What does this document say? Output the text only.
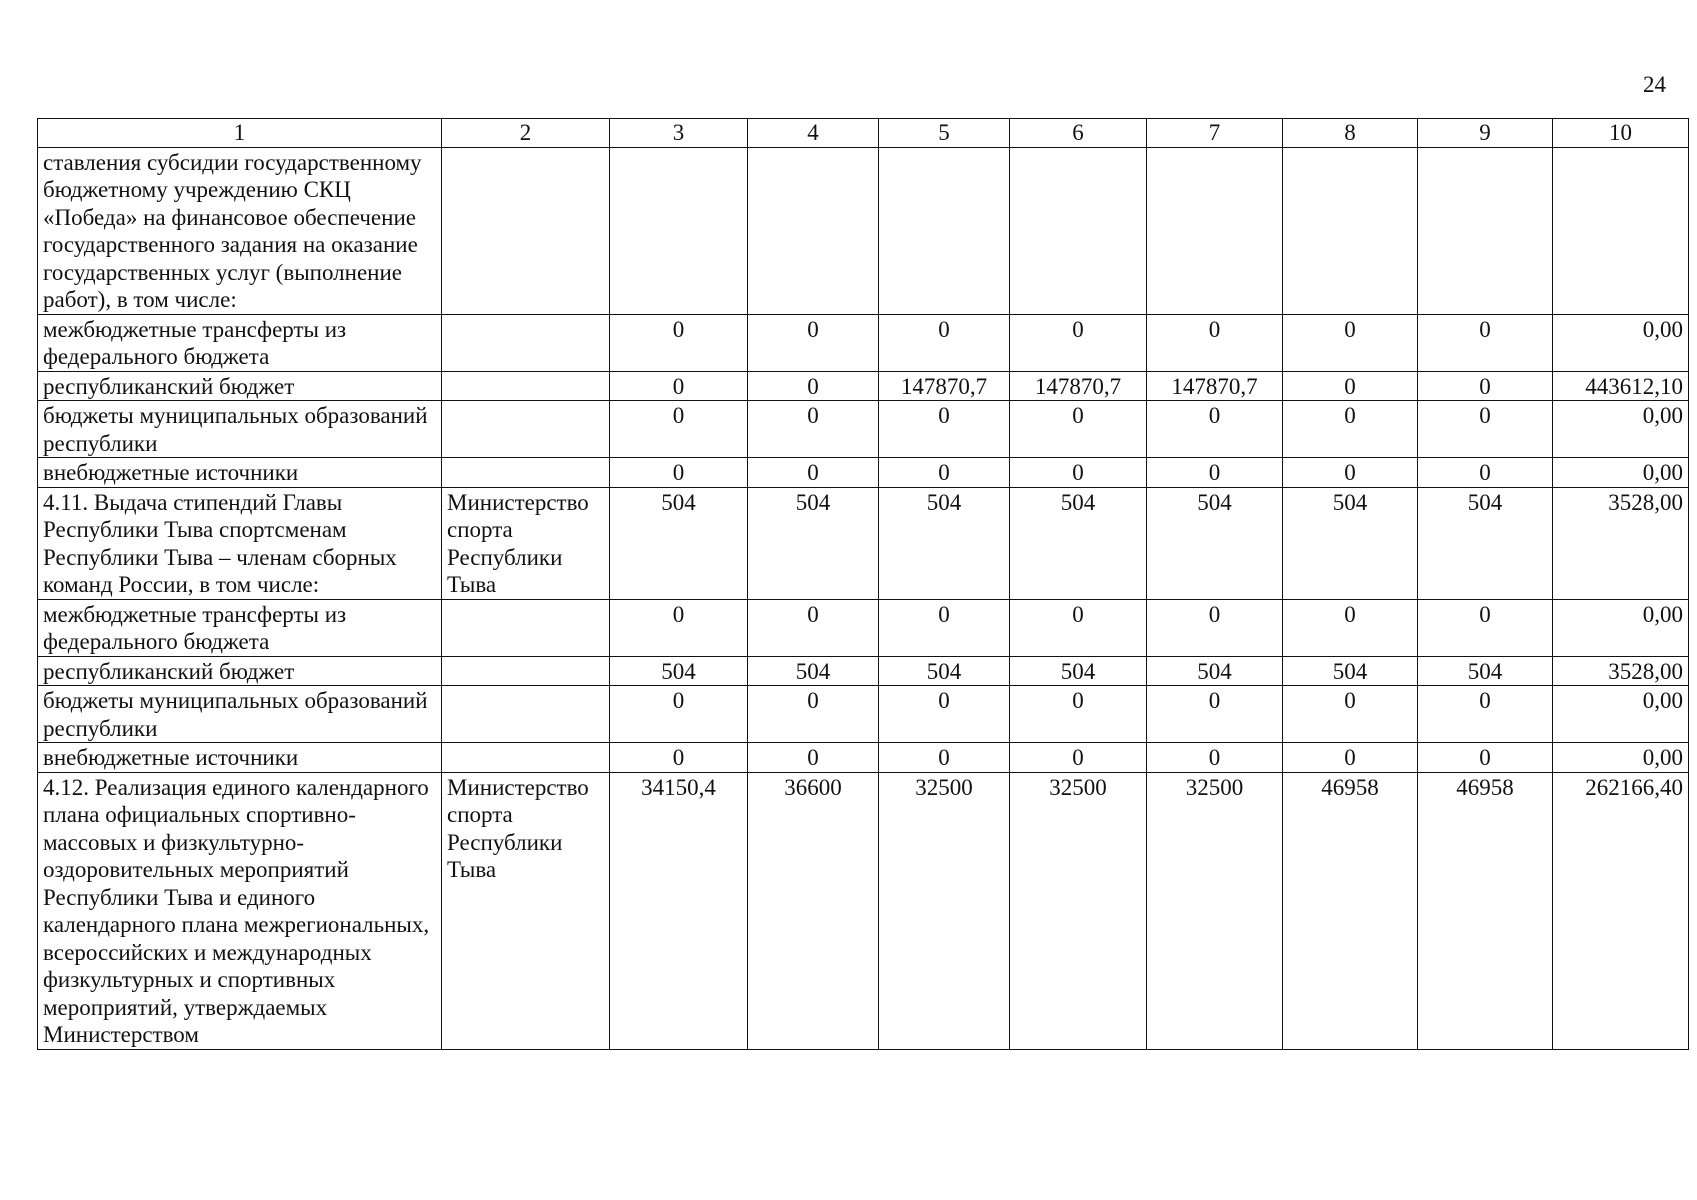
24
1	2	3	4	5	6	7	8	9	10
ставления субсидии государственному бюджетному учреждению СКЦ «Победа» на финансовое обеспечение государственного задания на оказание государственных услуг (выполнение работ), в том числе:									
межбюджетные трансферты из федерального бюджета		0	0	0	0	0	0	0	0,00
республиканский бюджет		0	0	147870,7	147870,7	147870,7	0	0	443612,10
бюджеты муниципальных образований республики		0	0	0	0	0	0	0	0,00
внебюджетные источники		0	0	0	0	0	0	0	0,00
4.11. Выдача стипендий Главы Республики Тыва спортсменам Республики Тыва – членам сборных команд России, в том числе:	Министерство спорта Республики Тыва	504	504	504	504	504	504	504	3528,00
межбюджетные трансферты из федерального бюджета		0	0	0	0	0	0	0	0,00
республиканский бюджет		504	504	504	504	504	504	504	3528,00
бюджеты муниципальных образований республики		0	0	0	0	0	0	0	0,00
внебюджетные источники		0	0	0	0	0	0	0	0,00
4.12. Реализация единого календарного плана официальных спортивно-массовых и физкультурно-оздоровительных мероприятий Республики Тыва и единого календарного плана межрегиональных, всероссийских и международных физкультурных и спортивных мероприятий, утверждаемых Министерством	Министерство спорта Республики Тыва	34150,4	36600	32500	32500	32500	46958	46958	262166,40
